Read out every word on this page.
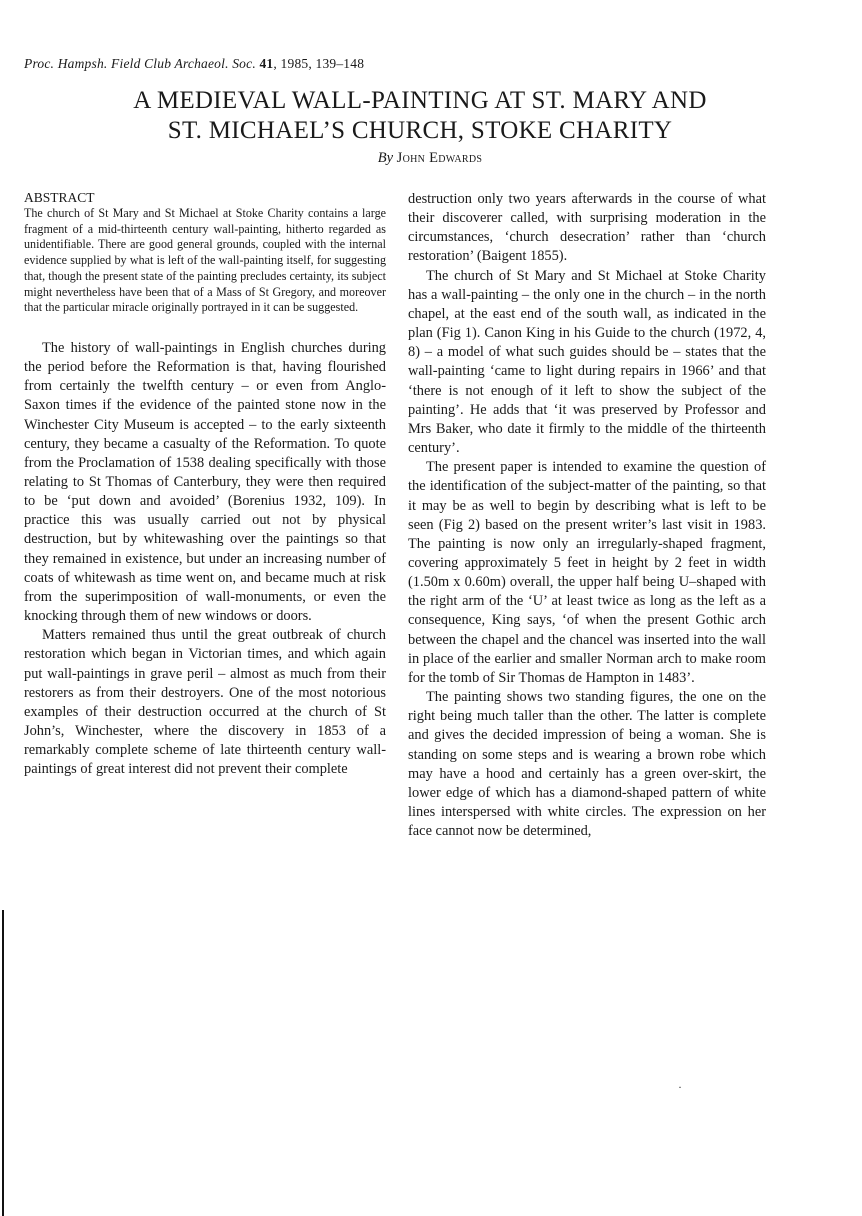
Proc. Hampsh. Field Club Archaeol. Soc. 41, 1985, 139–148
A MEDIEVAL WALL-PAINTING AT ST. MARY AND
ST. MICHAEL’S CHURCH, STOKE CHARITY
By John Edwards

ABSTRACT

The church of St Mary and St Michael at Stoke Charity contains a large fragment of a mid-thirteenth century wall-painting, hitherto regarded as unidentifiable. There are good general grounds, coupled with the internal evidence supplied by what is left of the wall-painting itself, for suggesting that, though the present state of the painting precludes certainty, its subject might nevertheless have been that of a Mass of St Gregory, and moreover that the particular miracle originally portrayed in it can be suggested.

The history of wall-paintings in English churches during the period before the Reformation is that, having flourished from certainly the twelfth century – or even from Anglo-Saxon times if the evidence of the painted stone now in the Winchester City Museum is accepted – to the early sixteenth century, they became a casualty of the Reformation. To quote from the Proclamation of 1538 dealing specifically with those relating to St Thomas of Canterbury, they were then required to be ‘put down and avoided’ (Borenius 1932, 109). In practice this was usually carried out not by physical destruction, but by whitewashing over the paintings so that they remained in existence, but under an increasing number of coats of whitewash as time went on, and became much at risk from the superimposition of wall-monuments, or even the knocking through them of new windows or doors.

Matters remained thus until the great outbreak of church restoration which began in Victorian times, and which again put wall-paintings in grave peril – almost as much from their restorers as from their destroyers. One of the most notorious examples of their destruction occurred at the church of St John’s, Winchester, where the discovery in 1853 of a remarkably complete scheme of late thirteenth century wall-paintings of great interest did not prevent their complete

destruction only two years afterwards in the course of what their discoverer called, with surprising moderation in the circumstances, ‘church desecration’ rather than ‘church restoration’ (Baigent 1855).

The church of St Mary and St Michael at Stoke Charity has a wall-painting – the only one in the church – in the north chapel, at the east end of the south wall, as indicated in the plan (Fig 1). Canon King in his Guide to the church (1972, 4, 8) – a model of what such guides should be – states that the wall-painting ‘came to light during repairs in 1966’ and that ‘there is not enough of it left to show the subject of the painting’. He adds that ‘it was preserved by Professor and Mrs Baker, who date it firmly to the middle of the thirteenth century’.

The present paper is intended to examine the question of the identification of the subject-matter of the painting, so that it may be as well to begin by describing what is left to be seen (Fig 2) based on the present writer’s last visit in 1983. The painting is now only an irregularly-shaped fragment, covering approximately 5 feet in height by 2 feet in width (1.50m x 0.60m) overall, the upper half being U–shaped with the right arm of the ‘U’ at least twice as long as the left as a consequence, King says, ‘of when the present Gothic arch between the chapel and the chancel was inserted into the wall in place of the earlier and smaller Norman arch to make room for the tomb of Sir Thomas de Hampton in 1483’.

The painting shows two standing figures, the one on the right being much taller than the other. The latter is complete and gives the decided impression of being a woman. She is standing on some steps and is wearing a brown robe which may have a hood and certainly has a green over-skirt, the lower edge of which has a diamond-shaped pattern of white lines interspersed with white circles. The expression on her face cannot now be determined,

·
